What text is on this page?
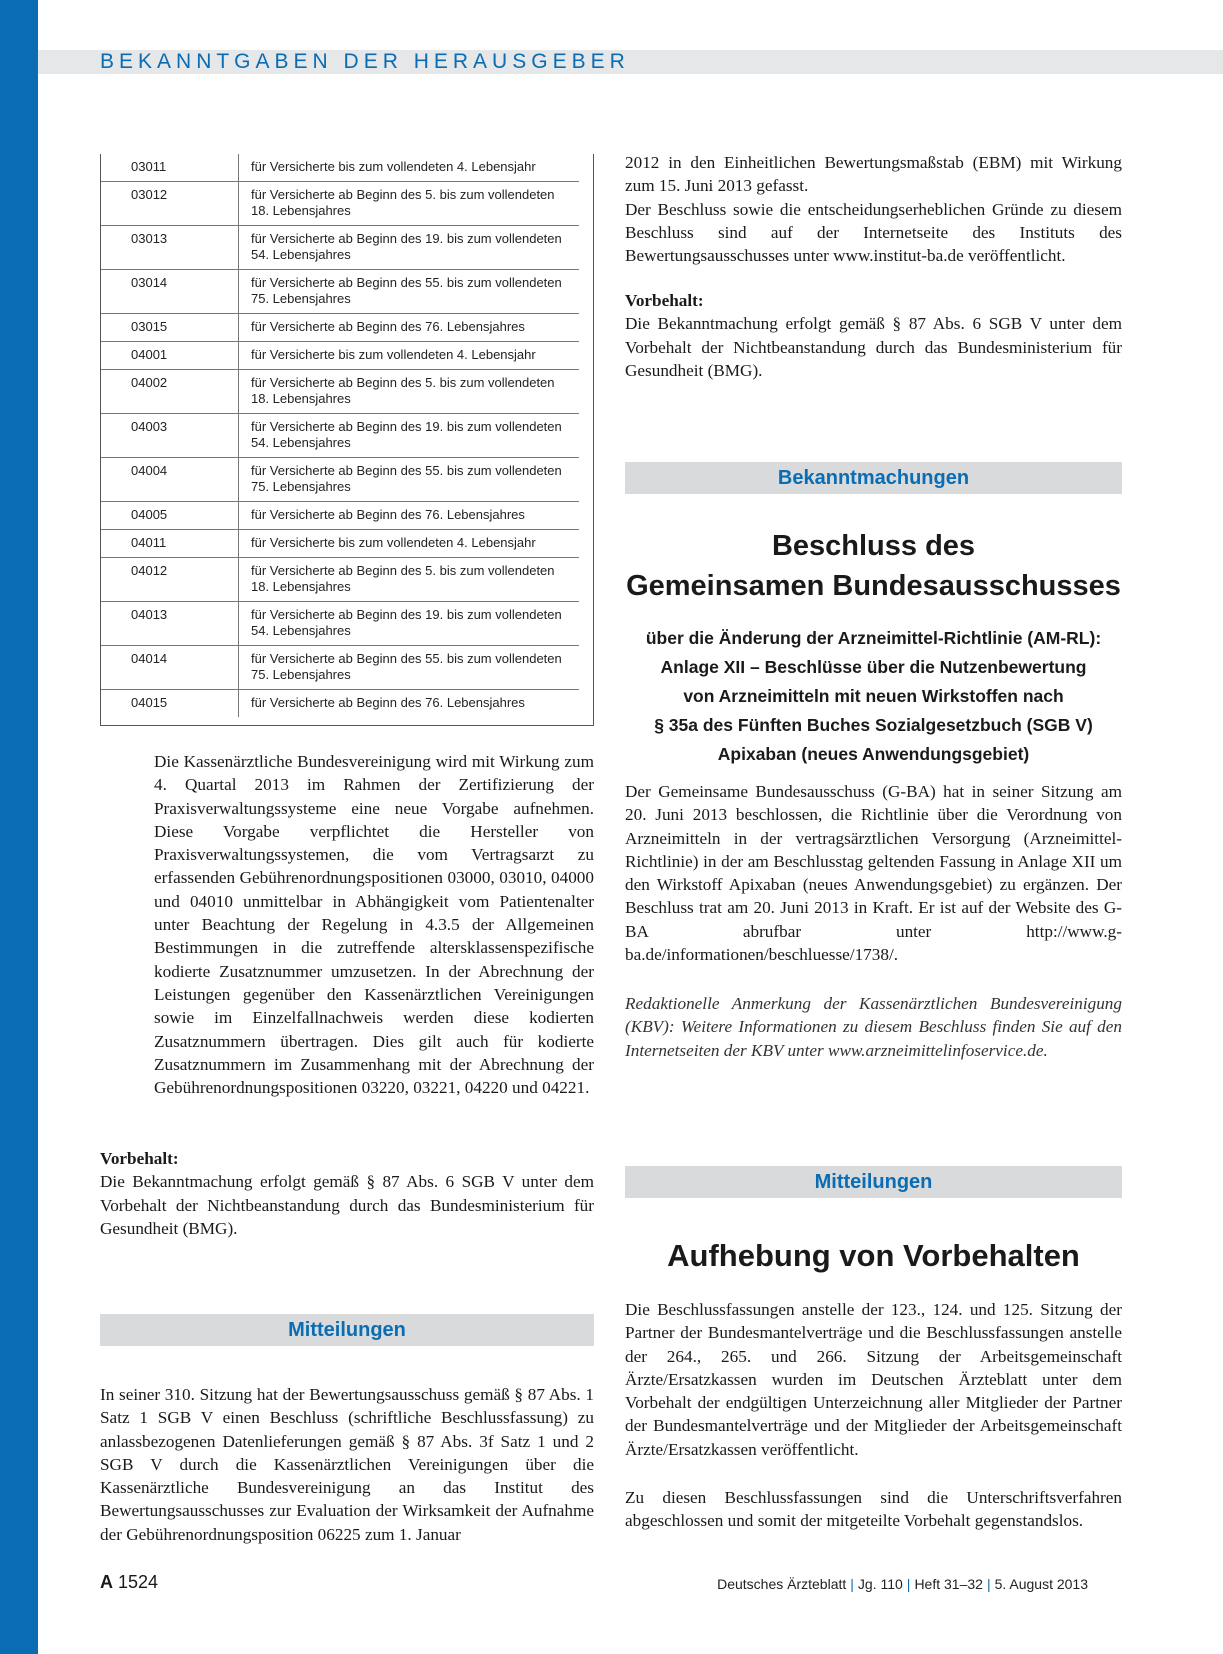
BEKANNTGABEN DER HERAUSGEBER
03011	für Versicherte bis zum vollendeten 4. Lebensjahr

03012	für Versicherte ab Beginn des 5. bis zum vollendeten
18. Lebensjahres

03013	für Versicherte ab Beginn des 19. bis zum vollendeten
54. Lebensjahres

03014	für Versicherte ab Beginn des 55. bis zum vollendeten
75. Lebensjahres

03015	für Versicherte ab Beginn des 76. Lebensjahres

04001	für Versicherte bis zum vollendeten 4. Lebensjahr

04002	für Versicherte ab Beginn des 5. bis zum vollendeten
18. Lebensjahres

04003	für Versicherte ab Beginn des 19. bis zum vollendeten
54. Lebensjahres

04004	für Versicherte ab Beginn des 55. bis zum vollendeten
75. Lebensjahres

04005	für Versicherte ab Beginn des 76. Lebensjahres

04011	für Versicherte bis zum vollendeten 4. Lebensjahr

04012	für Versicherte ab Beginn des 5. bis zum vollendeten
18. Lebensjahres

04013	für Versicherte ab Beginn des 19. bis zum vollendeten
54. Lebensjahres

04014	für Versicherte ab Beginn des 55. bis zum vollendeten
75. Lebensjahres

04015	für Versicherte ab Beginn des 76. Lebensjahres

Die Kassenärztliche Bundesvereinigung wird mit Wirkung zum 4. Quartal 2013 im Rahmen der Zertifizierung der Praxisverwaltungssysteme eine neue Vorgabe aufnehmen. Diese Vorgabe verpflichtet die Hersteller von Praxisverwaltungssystemen, die vom Vertragsarzt zu erfassenden Gebührenordnungspositionen 03000, 03010, 04000 und 04010 unmittelbar in Abhängigkeit vom Patientenalter unter Beachtung der Regelung in 4.3.5 der Allgemeinen Bestimmungen in die zutreffende altersklassenspezifische kodierte Zusatznummer umzusetzen. In der Abrechnung der Leistungen gegenüber den Kassenärztlichen Vereinigungen sowie im Einzelfallnachweis werden diese kodierten Zusatznummern übertragen. Dies gilt auch für kodierte Zusatznummern im Zusammenhang mit der Abrechnung der Gebührenordnungspositionen 03220, 03221, 04220 und 04221.

Vorbehalt:
Die Bekanntmachung erfolgt gemäß § 87 Abs. 6 SGB V unter dem Vorbehalt der Nichtbeanstandung durch das Bundesministerium für Gesundheit (BMG).
Mitteilungen

In seiner 310. Sitzung hat der Bewertungsausschuss gemäß § 87 Abs. 1 Satz 1 SGB V einen Beschluss (schriftliche Beschlussfassung) zu anlassbezogenen Datenlieferungen gemäß § 87 Abs. 3f Satz 1 und 2 SGB V durch die Kassenärztlichen Vereinigungen über die Kassenärztliche Bundesvereinigung an das Institut des Bewertungsausschusses zur Evaluation der Wirksamkeit der Aufnahme der Gebührenordnungsposition 06225 zum 1. Januar

2012 in den Einheitlichen Bewertungsmaßstab (EBM) mit Wirkung zum 15. Juni 2013 gefasst.
Der Beschluss sowie die entscheidungserheblichen Gründe zu diesem Beschluss sind auf der Internetseite des Instituts des Bewertungsausschusses unter www.institut-ba.de veröffentlicht.

Vorbehalt:
Die Bekanntmachung erfolgt gemäß § 87 Abs. 6 SGB V unter dem Vorbehalt der Nichtbeanstandung durch das Bundesministerium für Gesundheit (BMG).
Bekanntmachungen
Beschluss des
Gemeinsamen Bundesausschusses
über die Änderung der Arzneimittel-Richtlinie (AM-RL):
Anlage XII – Beschlüsse über die Nutzenbewertung
von Arzneimitteln mit neuen Wirkstoffen nach
§ 35a des Fünften Buches Sozialgesetzbuch (SGB V)
Apixaban (neues Anwendungsgebiet)

Der Gemeinsame Bundesausschuss (G-BA) hat in seiner Sitzung am 20. Juni 2013 beschlossen, die Richtlinie über die Verordnung von Arzneimitteln in der vertragsärztlichen Versorgung (Arzneimittel-Richtlinie) in der am Beschlusstag geltenden Fassung in Anlage XII um den Wirkstoff Apixaban (neues Anwendungsgebiet) zu ergänzen. Der Beschluss trat am 20. Juni 2013 in Kraft. Er ist auf der Website des G-BA abrufbar unter http://www.g-ba.de/informationen/beschluesse/1738/.

Redaktionelle Anmerkung der Kassenärztlichen Bundesvereinigung (KBV): Weitere Informationen zu diesem Beschluss finden Sie auf den Internetseiten der KBV unter www.arzneimittelinfoservice.de.

Mitteilungen
Aufhebung von Vorbehalten

Die Beschlussfassungen anstelle der 123., 124. und 125. Sitzung der Partner der Bundesmantelverträge und die Beschlussfassungen anstelle der 264., 265. und 266. Sitzung der Arbeitsgemeinschaft Ärzte/Ersatzkassen wurden im Deutschen Ärzteblatt unter dem Vorbehalt der endgültigen Unterzeichnung aller Mitglieder der Partner der Bundesmantelverträge und der Mitglieder der Arbeitsgemeinschaft Ärzte/Ersatzkassen veröffentlicht.

Zu diesen Beschlussfassungen sind die Unterschriftsverfahren abgeschlossen und somit der mitgeteilte Vorbehalt gegenstandslos.

A 1524	Deutsches Ärzteblatt | Jg. 110 | Heft 31–32 | 5. August 2013
